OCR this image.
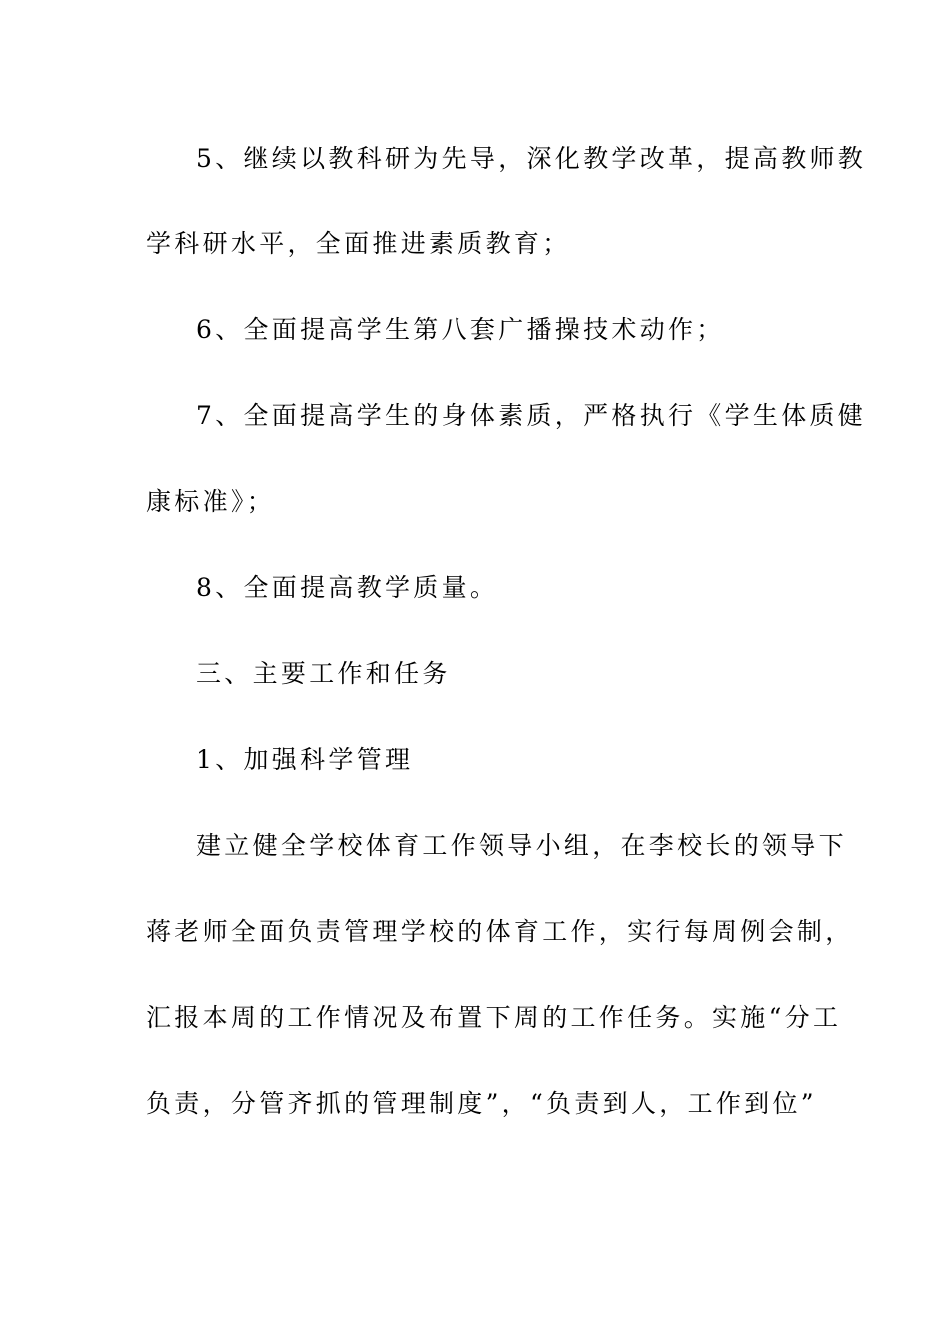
5、继续以教科研为先导，深化教学改革，提高教师教
学科研水平，全面推进素质教育；
6、全面提高学生第八套广播操技术动作；
7、全面提高学生的身体素质，严格执行《学生体质健
康标准》；
8、全面提高教学质量。
三、主要工作和任务
1、加强科学管理
建立健全学校体育工作领导小组，在李校长的领导下
蒋老师全面负责管理学校的体育工作，实行每周例会制，
汇报本周的工作情况及布置下周的工作任务。实施“分工
负责，分管齐抓的管理制度”，“负责到人，工作到位”
